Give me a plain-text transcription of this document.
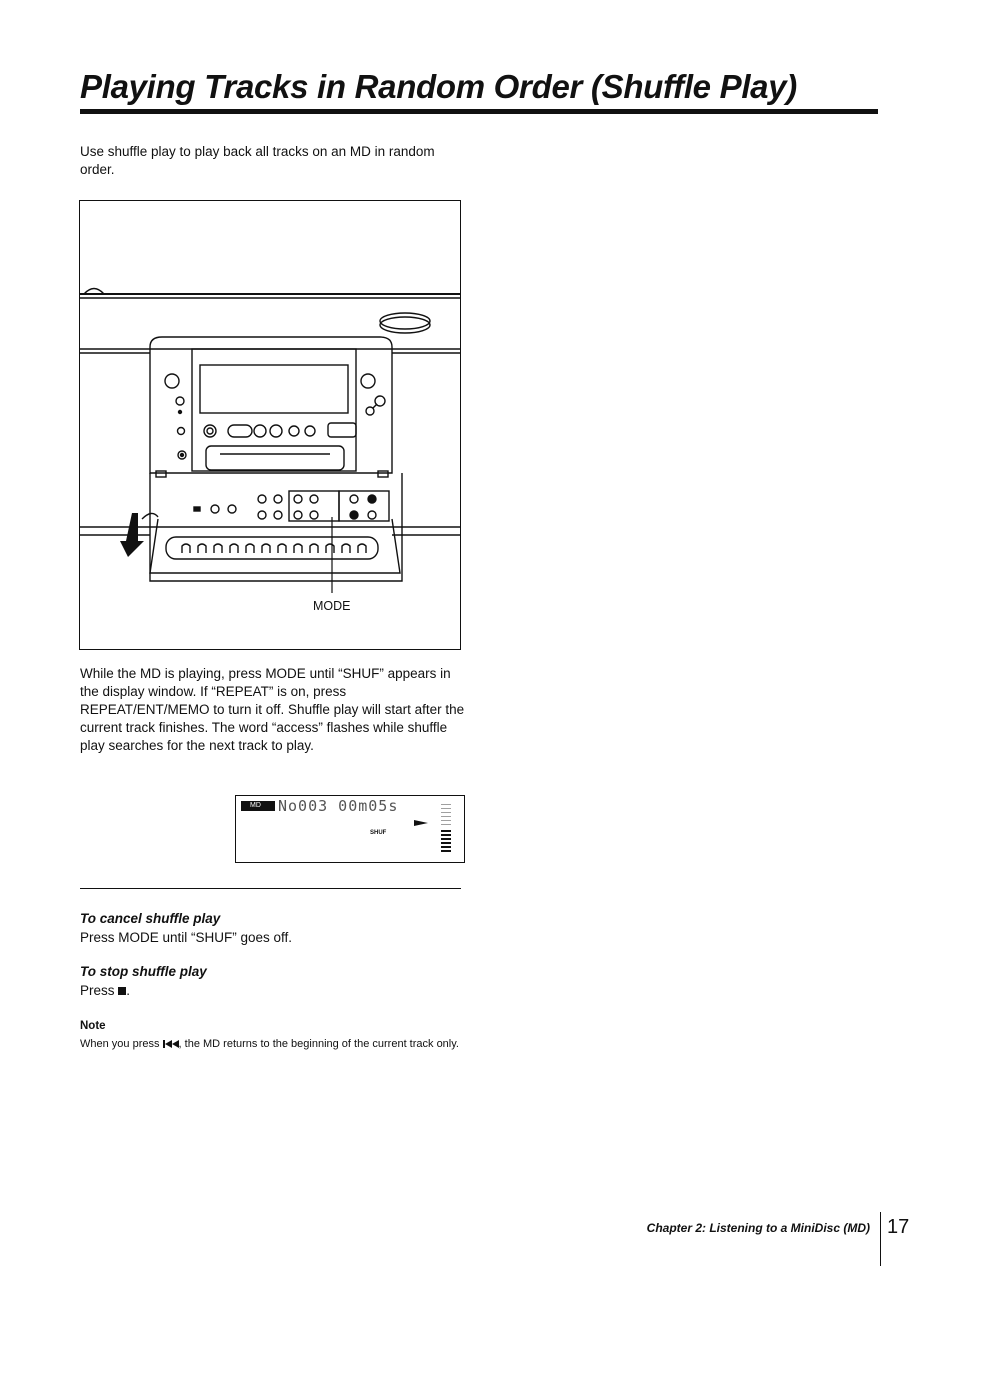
Playing Tracks in Random Order (Shuffle Play)

Use shuffle play to play back all tracks on an MD in random order.

MODE

While the MD is playing, press MODE until “SHUF” appears in the display window. If “REPEAT” is on, press REPEAT/ENT/MEMO to turn it off. Shuffle play will start after the current track finishes. The word “access” flashes while shuffle play searches for the next track to play.

MD No003 00m05s
SHUF
To cancel shuffle play

Press MODE until “SHUF” goes off.

To stop shuffle play

Press .

Note

When you press , the MD returns to the beginning of the current track only.

Chapter 2: Listening to a MiniDisc (MD) 17
